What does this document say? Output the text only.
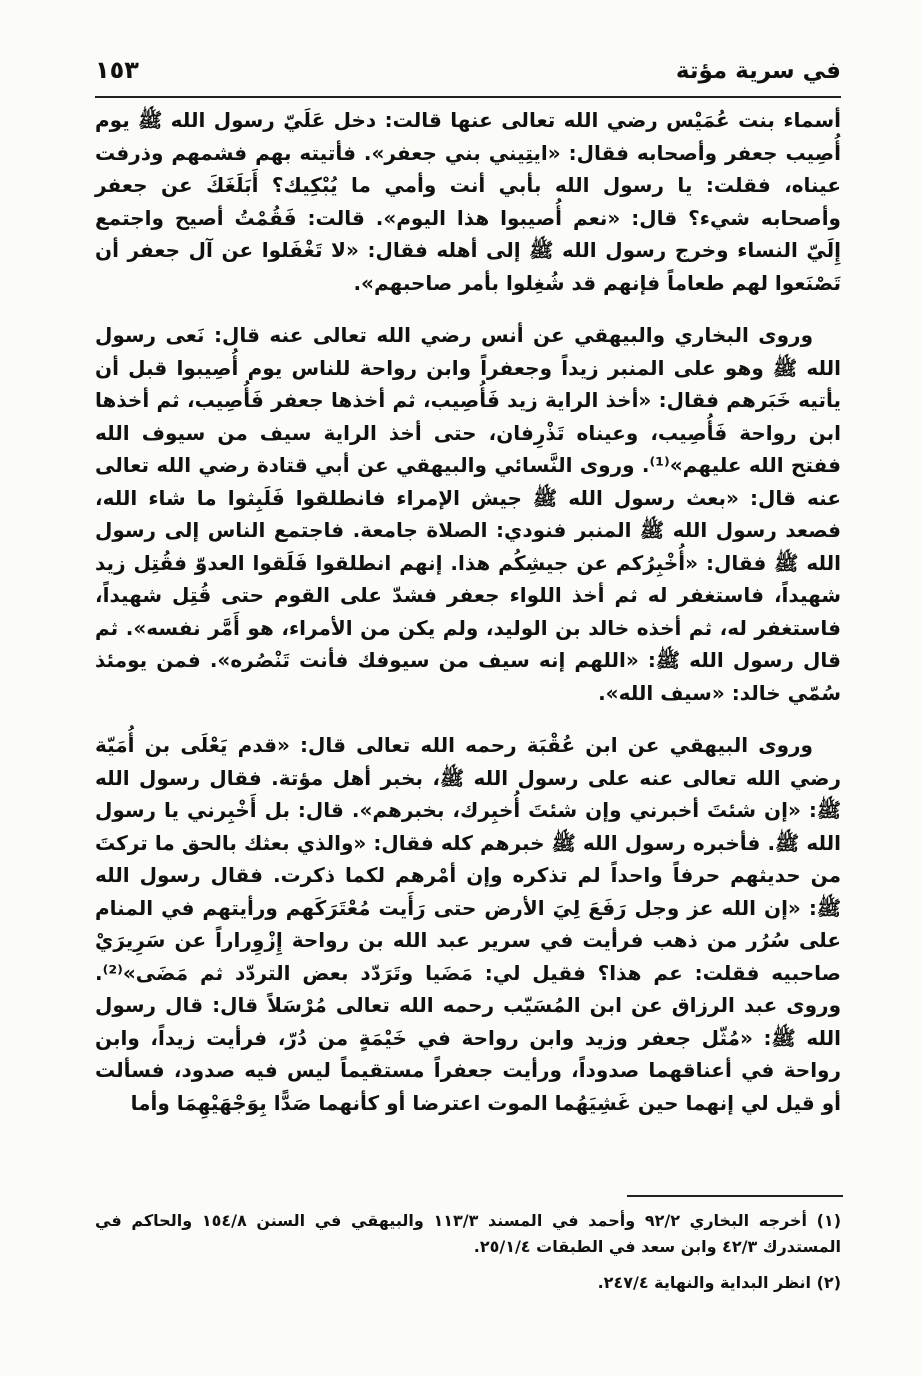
في سرية مؤتة
١٥٣

أسماء بنت عُمَيْس رضي الله تعالى عنها قالت: دخل عَلَيّ رسول الله ﷺ يوم أُصِيب جعفر وأصحابه فقال: «ايتِيني بني جعفر». فأتيته بهم فشمهم وذرفت عيناه، فقلت: يا رسول الله بأبي أنت وأمي ما يُبْكِيك؟ أَبَلَغَكَ عن جعفر وأصحابه شيء؟ قال: «نعم أُصيبوا هذا اليوم». قالت: فَقُمْتُ أصيح واجتمع إِلَيّ النساء وخرج رسول الله ﷺ إلى أهله فقال: «لا تَغْفَلوا عن آل جعفر أن تَصْنَعوا لهم طعاماً فإنهم قد شُغِلوا بأمر صاحبهم».

وروى البخاري والبيهقي عن أنس رضي الله تعالى عنه قال: نَعى رسول الله ﷺ وهو على المنبر زيداً وجعفراً وابن رواحة للناس يوم أُصِيبوا قبل أن يأتيه خَبَرهم فقال: «أخذ الراية زيد فَأُصِيب، ثم أخذها جعفر فَأُصِيب، ثم أخذها ابن رواحة فَأُصِيب، وعيناه تَذْرِفان، حتى أخذ الراية سيف من سيوف الله ففتح الله عليهم»⁽¹⁾. وروى النَّسائي والبيهقي عن أبي قتادة رضي الله تعالى عنه قال: «بعث رسول الله ﷺ جيش الإمراء فانطلقوا فَلَبِثوا ما شاء الله، فصعد رسول الله ﷺ المنبر فنودي: الصلاة جامعة. فاجتمع الناس إلى رسول الله ﷺ فقال: «أُخْبِرُكم عن جيشِكُم هذا. إنهم انطلقوا فَلَقوا العدوّ فقُتِل زيد شهيداً، فاستغفر له ثم أخذ اللواء جعفر فشدّ على القوم حتى قُتِل شهيداً، فاستغفر له، ثم أخذه خالد بن الوليد، ولم يكن من الأمراء، هو أَمَّر نفسه». ثم قال رسول الله ﷺ: «اللهم إنه سيف من سيوفك فأنت تَنْصُره». فمن يومئذ سُمّي خالد: «سيف الله».

وروى البيهقي عن ابن عُقْبَة رحمه الله تعالى قال: «قدم يَعْلَى بن أُمَيّة رضي الله تعالى عنه على رسول الله ﷺ، بخبر أهل مؤتة. فقال رسول الله ﷺ: «إن شئتَ أخبرني وإن شئتَ أُخبِرك، بخبرهم». قال: بل أَخْبِرني يا رسول الله ﷺ. فأخبره رسول الله ﷺ خبرهم كله فقال: «والذي بعثك بالحق ما تركتَ من حديثهم حرفاً واحداً لم تذكره وإن أمْرهم لكما ذكرت. فقال رسول الله ﷺ: «إن الله عز وجل رَفَعَ لِيَ الأرض حتى رَأَيت مُعْتَرَكَهم ورأيتهم في المنام على سُرُر من ذهب فرأيت في سرير عبد الله بن رواحة إِزْوِراراً عن سَرِيرَيْ صاحبيه فقلت: عم هذا؟ فقيل لي: مَضَيا وتَرَدّد بعض التردّد ثم مَضَى»⁽²⁾. وروى عبد الرزاق عن ابن المُسَيّب رحمه الله تعالى مُرْسَلاً قال: قال رسول الله ﷺ: «مُثّل جعفر وزيد وابن رواحة في خَيْمَةٍ من دُرّ، فرأيت زيداً، وابن رواحة في أعناقهما صدوداً، ورأيت جعفراً مستقيماً ليس فيه صدود، فسألت أو قيل لي إنهما حين غَشِيَهُما الموت اعترضا أو كأنهما صَدًّا بِوَجْهَيْهِمَا وأما

(١) أخرجه البخاري ٩٢/٢ وأحمد في المسند ١١٣/٣ والبيهقي في السنن ١٥٤/٨ والحاكم في المستدرك ٤٢/٣ وابن سعد في الطبقات ٢٥/١/٤.

(٢) انظر البداية والنهاية ٢٤٧/٤.
